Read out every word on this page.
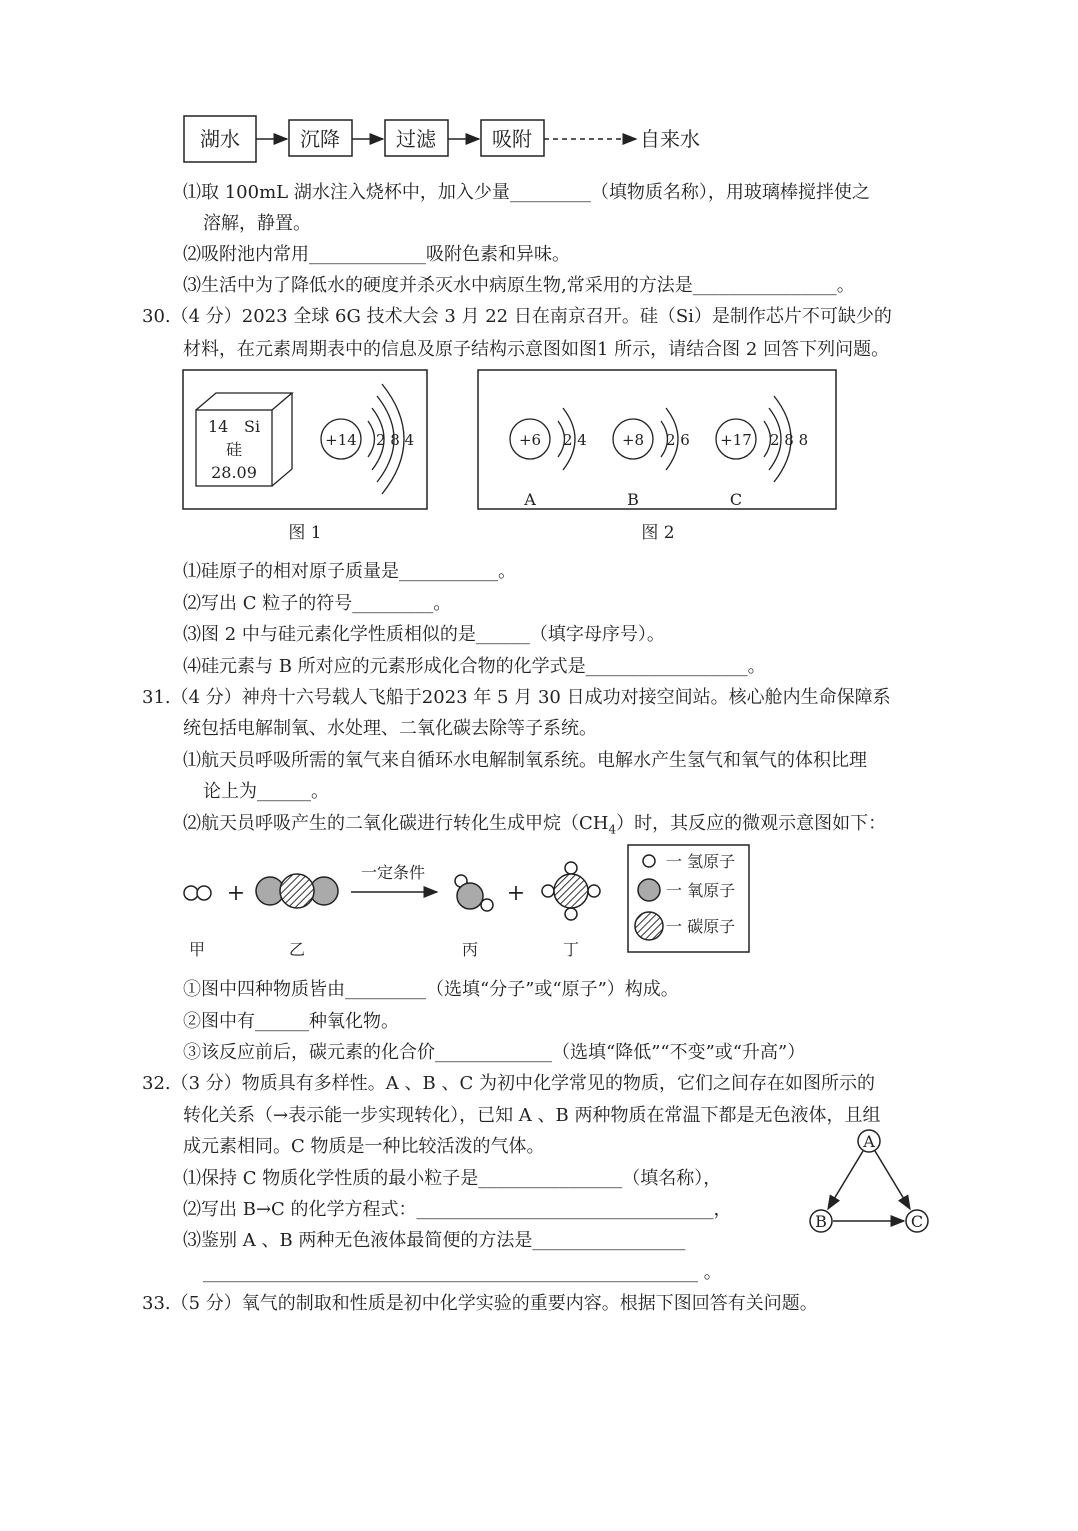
湖水	沉降	过滤	吸附	自来水
⑴取 100mL 湖水注入烧杯中，加入少量_________（填物质名称），用玻璃棒搅拌使之
溶解，静置。
⑵吸附池内常用_____________吸附色素和异味。
⑶生活中为了降低水的硬度并杀灭水中病原生物,常采用的方法是________________。
30.（4 分）2023 全球 6G 技术大会 3 月 22 日在南京召开。硅（Si）是制作芯片不可缺少的
材料，在元素周期表中的信息及原子结构示意图如图1 所示，请结合图 2 回答下列问题。
14 Si
硅
28.09
+14 2 8 4
图 1
+6 2 4
A
+8 2 6
B
+17 2 8 8
C
图 2
⑴硅原子的相对原子质量是___________。
⑵写出 C 粒子的符号_________。
⑶图 2 中与硅元素化学性质相似的是______（填字母序号）。
⑷硅元素与 B 所对应的元素形成化合物的化学式是__________________。
31.（4 分）神舟十六号载人飞船于2023 年 5 月 30 日成功对接空间站。核心舱内生命保障系
统包括电解制氧、水处理、二氧化碳去除等子系统。
⑴航天员呼吸所需的氧气来自循环水电解制氧系统。电解水产生氢气和氧气的体积比理
论上为______。
⑵航天员呼吸产生的二氧化碳进行转化生成甲烷$(CH_4)$时，其反应的微观示意图如下：
+
一定条件
+
甲	乙	丙	丁
一 氢原子
一 氧原子
一 碳原子
①图中四种物质皆由_________（选填“分子”或“原子”）构成。
②图中有______种氧化物。
③该反应前后，碳元素的化合价_____________（选填“降低”“不变”或“升高”）
32.（3 分）物质具有多样性。A 、B 、C 为初中化学常见的物质，它们之间存在如图所示的
转化关系（→表示能一步实现转化），已知 A 、B 两种物质在常温下都是无色液体，且组
成元素相同。C 物质是一种比较活泼的气体。
⑴保持 C 物质化学性质的最小粒子是________________（填名称），
⑵写出 B→C 的化学方程式：_________________________________，
⑶鉴别 A 、B 两种无色液体最简便的方法是_________________
_______________________________________________________ 。
A
B	C
33.（5 分）氧气的制取和性质是初中化学实验的重要内容。根据下图回答有关问题。
